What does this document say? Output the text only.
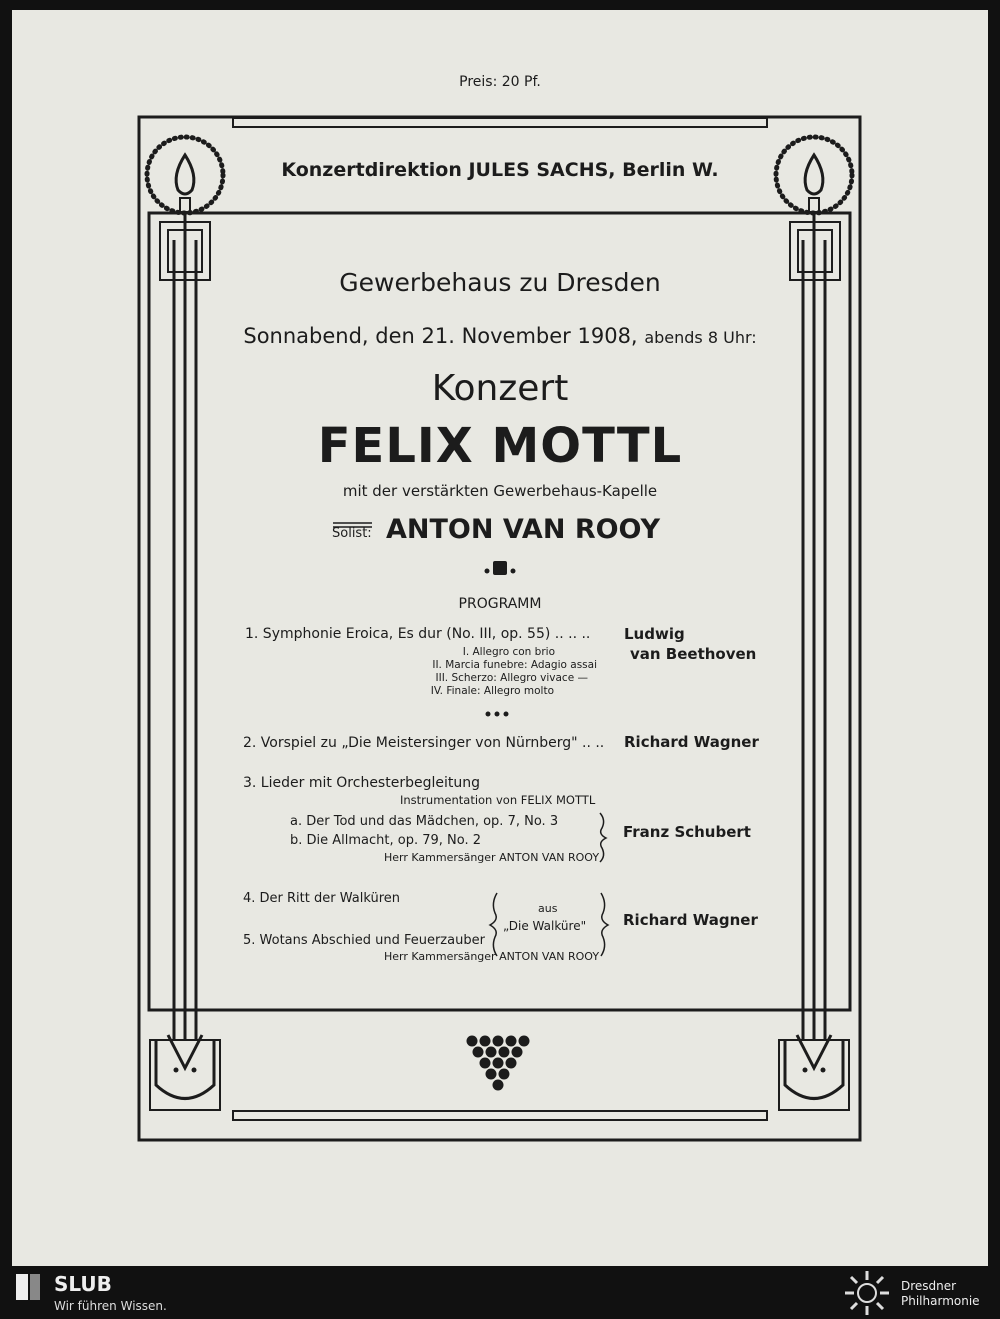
Preis: 20 Pf.
Konzertdirektion JULES SACHS, Berlin W.
Gewerbehaus zu Dresden
Sonnabend, den 21. November 1908, abends 8 Uhr:
Konzert
FELIX MOTTL
mit der verstärkten Gewerbehaus-Kapelle
Solist: ANTON VAN ROOY
PROGRAMM
1. Symphonie Eroica, Es dur (No. III, op. 55) .. .. .. Ludwig
van Beethoven
I. Allegro con brio
II. Marcia funebre: Adagio assai
III. Scherzo: Allegro vivace —
IV. Finale: Allegro molto
2. Vorspiel zu „Die Meistersinger von Nürnberg" .. .. Richard Wagner
3. Lieder mit Orchesterbegleitung
Instrumentation von FELIX MOTTL
a. Der Tod und das Mädchen, op. 7, No. 3
b. Die Allmacht, op. 79, No. 2
Herr Kammersänger ANTON VAN ROOY
Franz Schubert
4. Der Ritt der Walküren
5. Wotans Abschied und Feuerzauber
aus
„Die Walküre"
Herr Kammersänger ANTON VAN ROOY
Richard Wagner
SLUB
Wir führen Wissen.
Dresdner
Philharmonie
